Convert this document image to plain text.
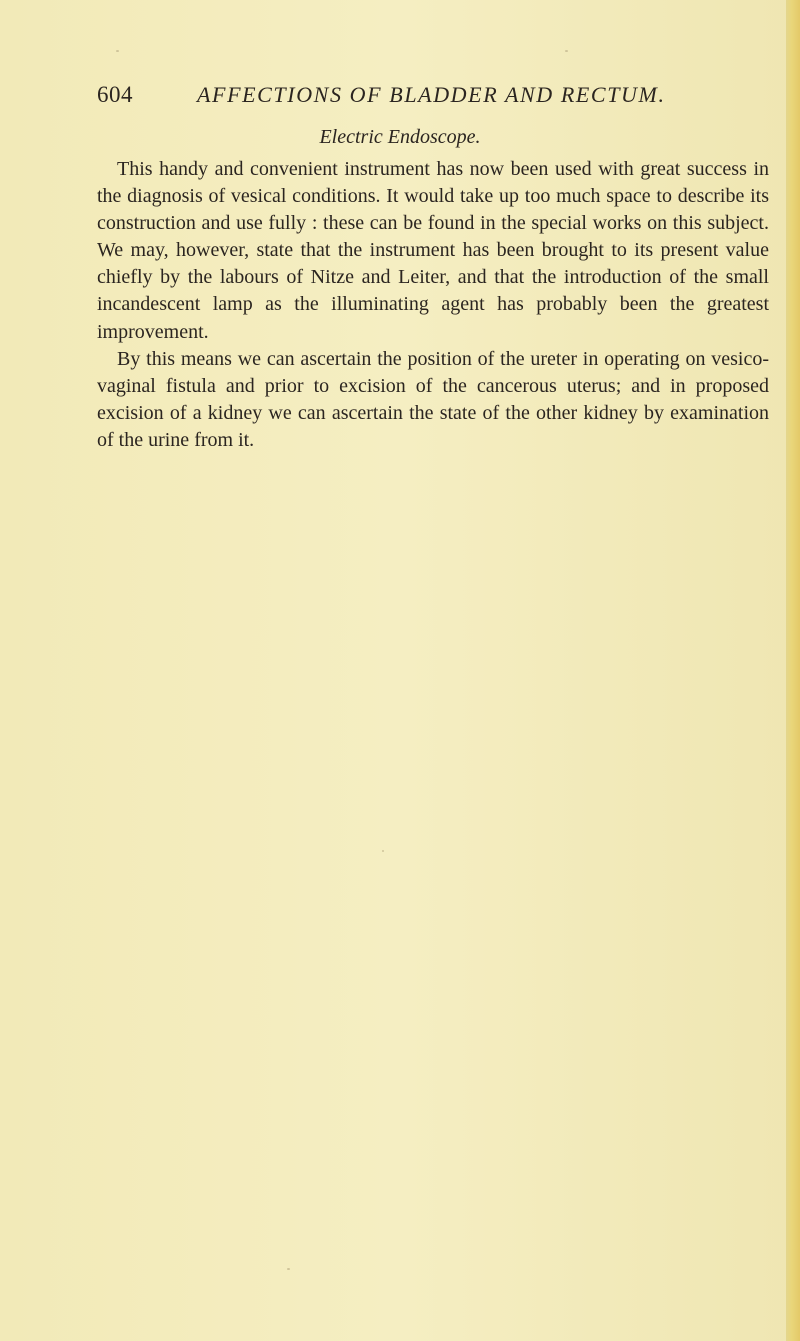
604	AFFECTIONS OF BLADDER AND RECTUM.
Electric Endoscope.

This handy and convenient instrument has now been used with great success in the diagnosis of vesical conditions. It would take up too much space to describe its construction and use fully : these can be found in the special works on this subject. We may, however, state that the instrument has been brought to its present value chiefly by the labours of Nitze and Leiter, and that the introduction of the small incandescent lamp as the illuminating agent has probably been the greatest improvement.

By this means we can ascertain the position of the ureter in operating on vesico-vaginal fistula and prior to excision of the cancerous uterus; and in proposed excision of a kidney we can ascertain the state of the other kidney by examination of the urine from it.
